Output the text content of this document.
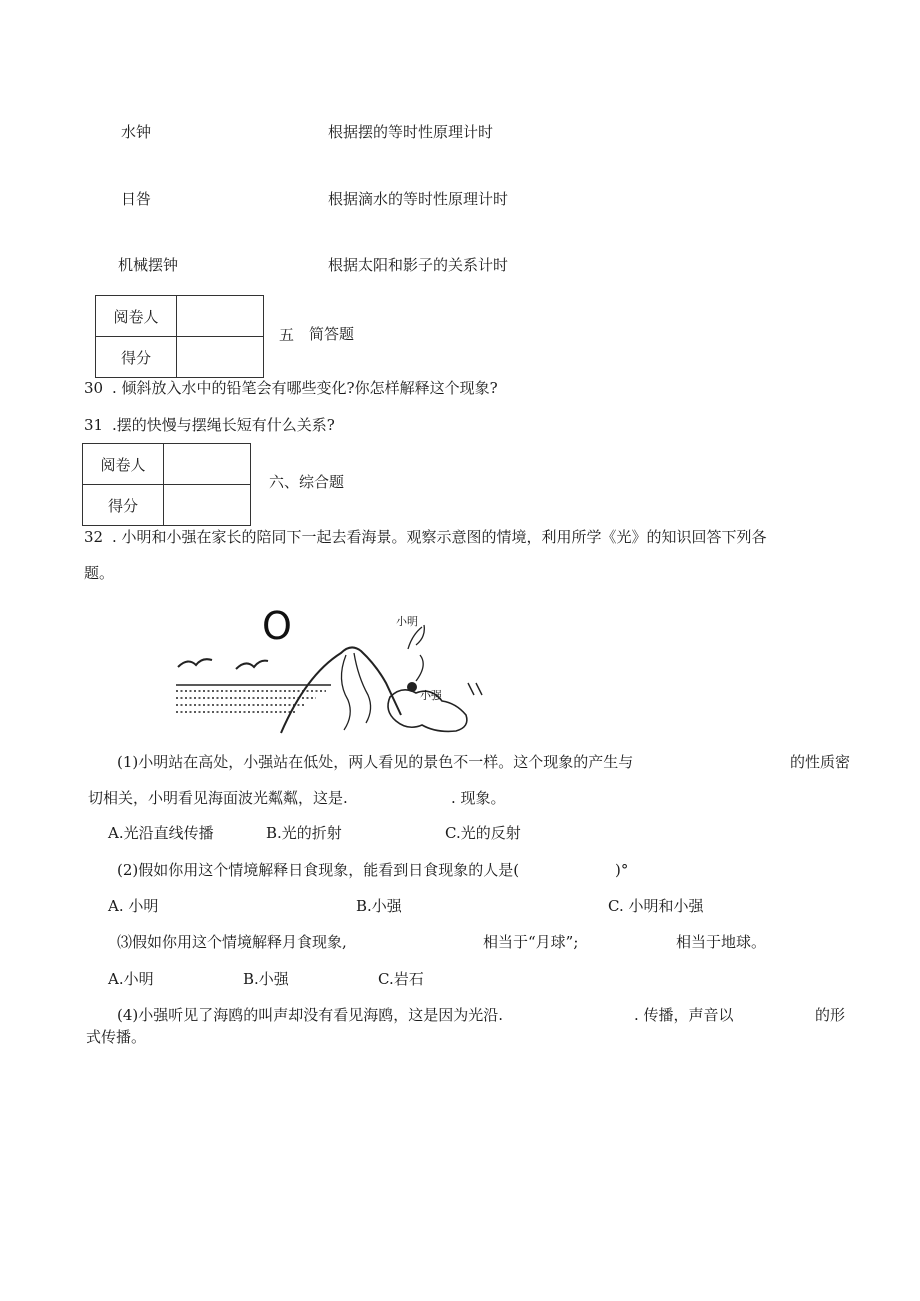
水钟	根据摆的等时性原理计时
日咎	根据滴水的等时性原理计时
机械摆钟	根据太阳和影子的关系计时
阅卷人	
得分	
五 简答题
30 . 倾斜放入水中的铅笔会有哪些变化?你怎样解释这个现象?
31 .摆的快慢与摆绳长短有什么关系?
阅卷人	
得分	
六、综合题
32 . 小明和小强在家长的陪同下一起去看海景。观察示意图的情境，利用所学《光》的知识回答下列各
题。
O	小明
小强
(1)小明站在高处，小强站在低处，两人看见的景色不一样。这个现象的产生与	的性质密
切相关，小明看见海面波光粼粼，这是.	. 现象。
A.光沿直线传播	B.光的折射	C.光的反射
(2)假如你用这个情境解释日食现象，能看到日食现象的人是(	)°
A. 小明	B.小强	C. 小明和小强
⑶假如你用这个情境解释月食现象,	相当于“月球”;	相当于地球。
A.小明	B.小强	C.岩石
(4)小强听见了海鸥的叫声却没有看见海鸥，这是因为光沿.	. 传播，声音以	的形
式传播。
